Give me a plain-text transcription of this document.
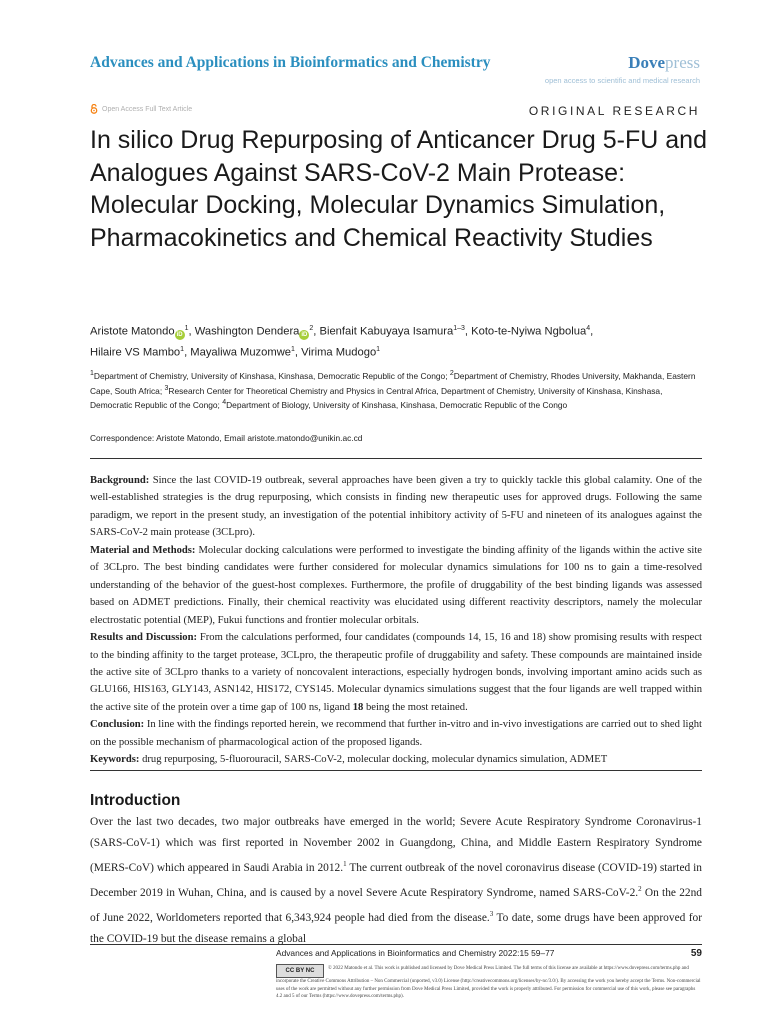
Advances and Applications in Bioinformatics and Chemistry	Dovepress
open access to scientific and medical research
Open Access Full Text Article	ORIGINAL RESEARCH
In silico Drug Repurposing of Anticancer Drug 5-FU and Analogues Against SARS-CoV-2 Main Protease: Molecular Docking, Molecular Dynamics Simulation, Pharmacokinetics and Chemical Reactivity Studies
Aristote Matondo $iD^1$, Washington Dendera $iD^2$, Bienfait Kabuyaya Isamura$^{1-3}$, Koto-te-Nyiwa Ngbolua$^4$,
Hilaire VS Mambo$^1$, Mayaliwa Muzomwe$^1$, Virima Mudogo$^1$
$^1$Department of Chemistry, University of Kinshasa, Kinshasa, Democratic Republic of the Congo; $^2$Department of Chemistry, Rhodes University, Makhanda, Eastern Cape, South Africa; $^3$Research Center for Theoretical Chemistry and Physics in Central Africa, Department of Chemistry, University of Kinshasa, Kinshasa, Democratic Republic of the Congo; $^4$Department of Biology, University of Kinshasa, Kinshasa, Democratic Republic of the Congo
Correspondence: Aristote Matondo, Email aristote.matondo@unikin.ac.cd

Background: Since the last COVID-19 outbreak, several approaches have been given a try to quickly tackle this global calamity. One of the well-established strategies is the drug repurposing, which consists in finding new therapeutic uses for approved drugs. Following the same paradigm, we report in the present study, an investigation of the potential inhibitory activity of 5-FU and nineteen of its analogues against the SARS-CoV-2 main protease (3CLpro).

Material and Methods: Molecular docking calculations were performed to investigate the binding affinity of the ligands within the active site of 3CLpro. The best binding candidates were further considered for molecular dynamics simulations for 100 ns to gain a time-resolved understanding of the behavior of the guest-host complexes. Furthermore, the profile of druggability of the best binding ligands was assessed based on ADMET predictions. Finally, their chemical reactivity was elucidated using different reactivity descriptors, namely the molecular electrostatic potential (MEP), Fukui functions and frontier molecular orbitals.

Results and Discussion: From the calculations performed, four candidates (compounds 14, 15, 16 and 18) show promising results with respect to the binding affinity to the target protease, 3CLpro, the therapeutic profile of druggability and safety. These compounds are maintained inside the active site of 3CLpro thanks to a variety of noncovalent interactions, especially hydrogen bonds, involving important amino acids such as GLU166, HIS163, GLY143, ASN142, HIS172, CYS145. Molecular dynamics simulations suggest that the four ligands are well trapped within the active site of the protein over a time gap of 100 ns, ligand 18 being the most retained.

Conclusion: In line with the findings reported herein, we recommend that further in-vitro and in-vivo investigations are carried out to shed light on the possible mechanism of pharmacological action of the proposed ligands.

Keywords: drug repurposing, 5-fluorouracil, SARS-CoV-2, molecular docking, molecular dynamics simulation, ADMET

Introduction
Over the last two decades, two major outbreaks have emerged in the world; Severe Acute Respiratory Syndrome Coronavirus-1 (SARS-CoV-1) which was first reported in November 2002 in Guangdong, China, and Middle Eastern Respiratory Syndrome (MERS-CoV) which appeared in Saudi Arabia in 2012.$^1$ The current outbreak of the novel coronavirus disease (COVID-19) started in December 2019 in Wuhan, China, and is caused by a novel Severe Acute Respiratory Syndrome, named SARS-CoV-2.$^2$ On the 22nd of June 2022, Worldometers reported that 6,343,924 people had died from the disease.$^3$ To date, some drugs have been approved for the COVID-19 but the disease remains a global
Advances and Applications in Bioinformatics and Chemistry 2022:15 59–77	59
CC BY NC	© 2022 Matondo et al. This work is published and licensed by Dove Medical Press Limited. The full terms of this license are available at https://www.dovepress.com/terms.php and incorporate the Creative Commons Attribution – Non Commercial (unported, v3.0) License (http://creativecommons.org/licenses/by-nc/3.0/). By accessing the work you hereby accept the Terms. Non-commercial uses of the work are permitted without any further permission from Dove Medical Press Limited, provided the work is properly attributed. For permission for commercial use of this work, please see paragraphs 4.2 and 5 of our Terms (https://www.dovepress.com/terms.php).
